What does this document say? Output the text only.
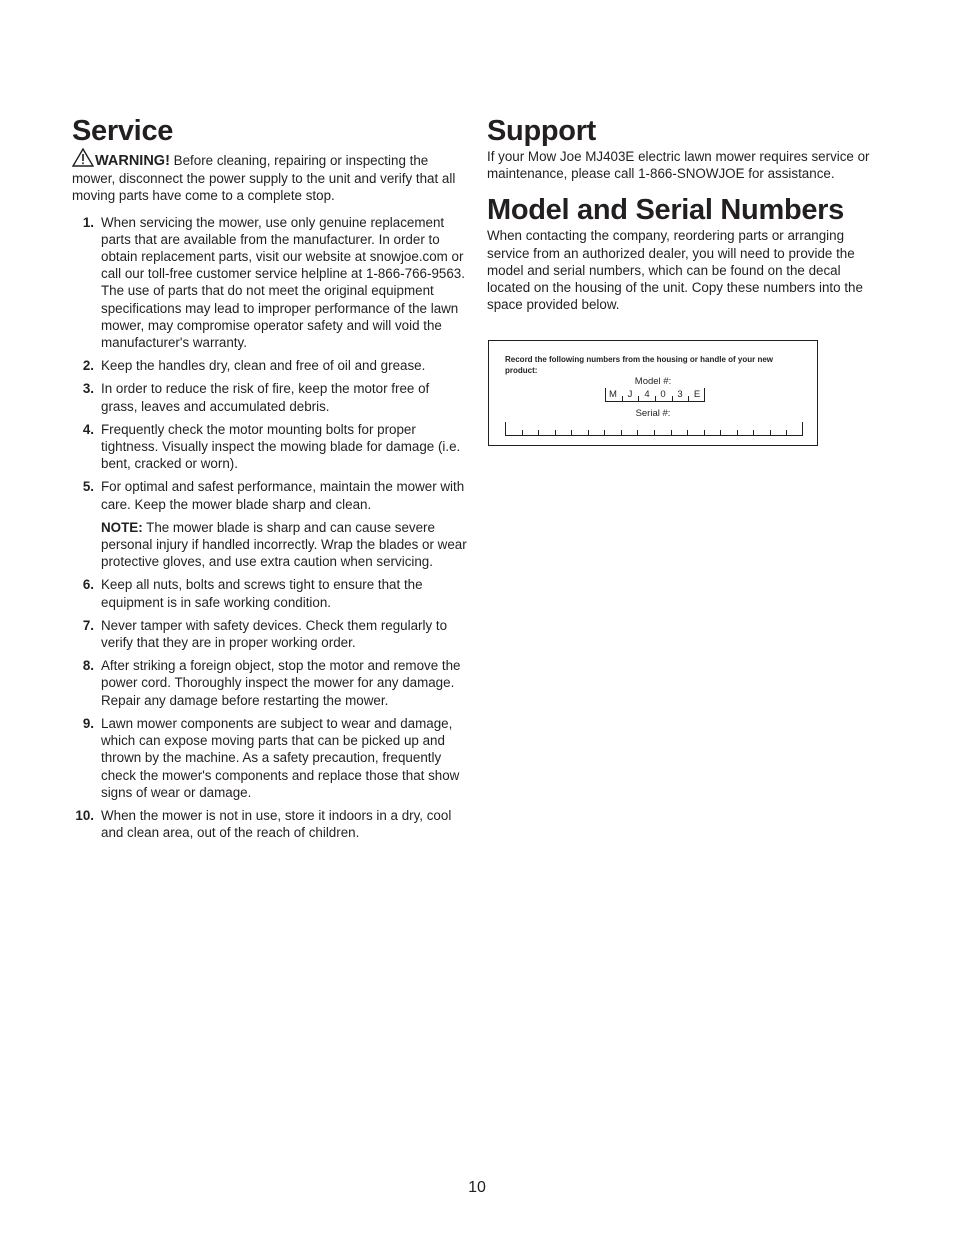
Service

WARNING! Before cleaning, repairing or inspecting the mower, disconnect the power supply to the unit and verify that all moving parts have come to a complete stop.

1. When servicing the mower, use only genuine replacement parts that are available from the manufacturer. In order to obtain replacement parts, visit our website at snowjoe.com or call our toll-free customer service helpline at 1-866-766-9563. The use of parts that do not meet the original equipment specifications may lead to improper performance of the lawn mower, may compromise operator safety and will void the manufacturer's warranty.
2. Keep the handles dry, clean and free of oil and grease.
3. In order to reduce the risk of fire, keep the motor free of grass, leaves and accumulated debris.
4. Frequently check the motor mounting bolts for proper tightness. Visually inspect the mowing blade for damage (i.e. bent, cracked or worn).
5. For optimal and safest performance, maintain the mower with care. Keep the mower blade sharp and clean.
NOTE: The mower blade is sharp and can cause severe personal injury if handled incorrectly. Wrap the blades or wear protective gloves, and use extra caution when servicing.
6. Keep all nuts, bolts and screws tight to ensure that the equipment is in safe working condition.
7. Never tamper with safety devices. Check them regularly to verify that they are in proper working order.
8. After striking a foreign object, stop the motor and remove the power cord. Thoroughly inspect the mower for any damage. Repair any damage before restarting the mower.
9. Lawn mower components are subject to wear and damage, which can expose moving parts that can be picked up and thrown by the machine. As a safety precaution, frequently check the mower's components and replace those that show signs of wear or damage.
10. When the mower is not in use, store it indoors in a dry, cool and clean area, out of the reach of children.
Support

If your Mow Joe MJ403E electric lawn mower requires service or maintenance, please call 1-866-SNOWJOE for assistance.

Model and Serial Numbers

When contacting the company, reordering parts or arranging service from an authorized dealer, you will need to provide the model and serial numbers, which can be found on the decal located on the housing of the unit. Copy these numbers into the space provided below.

Record the following numbers from the housing or handle of your new product:
Model #:
M	J	4	0	3	E
Serial #:
10
